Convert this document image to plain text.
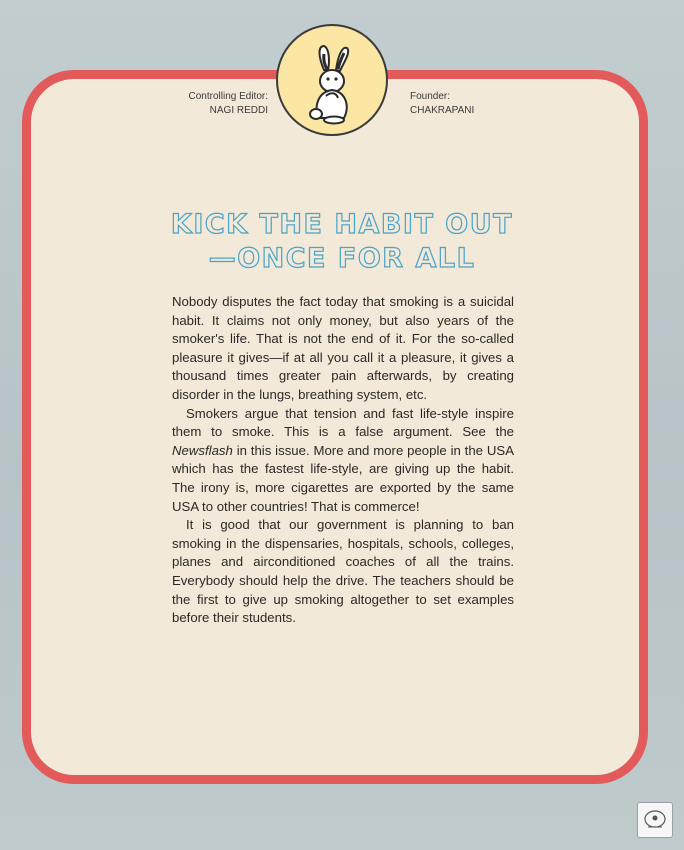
Controlling Editor:
NAGI REDDI
Founder:
CHAKRAPANI
KICK THE HABIT OUT
—ONCE FOR ALL

Nobody disputes the fact today that smoking is a suicidal habit. It claims not only money, but also years of the smoker's life. That is not the end of it. For the so-called pleasure it gives—if at all you call it a pleasure, it gives a thousand times greater pain afterwards, by creating disorder in the lungs, breathing system, etc.

Smokers argue that tension and fast life-style inspire them to smoke. This is a false argument. See the Newsflash in this issue. More and more people in the USA which has the fastest life-style, are giving up the habit. The irony is, more cigarettes are exported by the same USA to other countries! That is commerce!

It is good that our government is planning to ban smoking in the dispensaries, hospitals, schools, colleges, planes and airconditioned coaches of all the trains. Everybody should help the drive. The teachers should be the first to give up smoking altogether to set examples before their students.
